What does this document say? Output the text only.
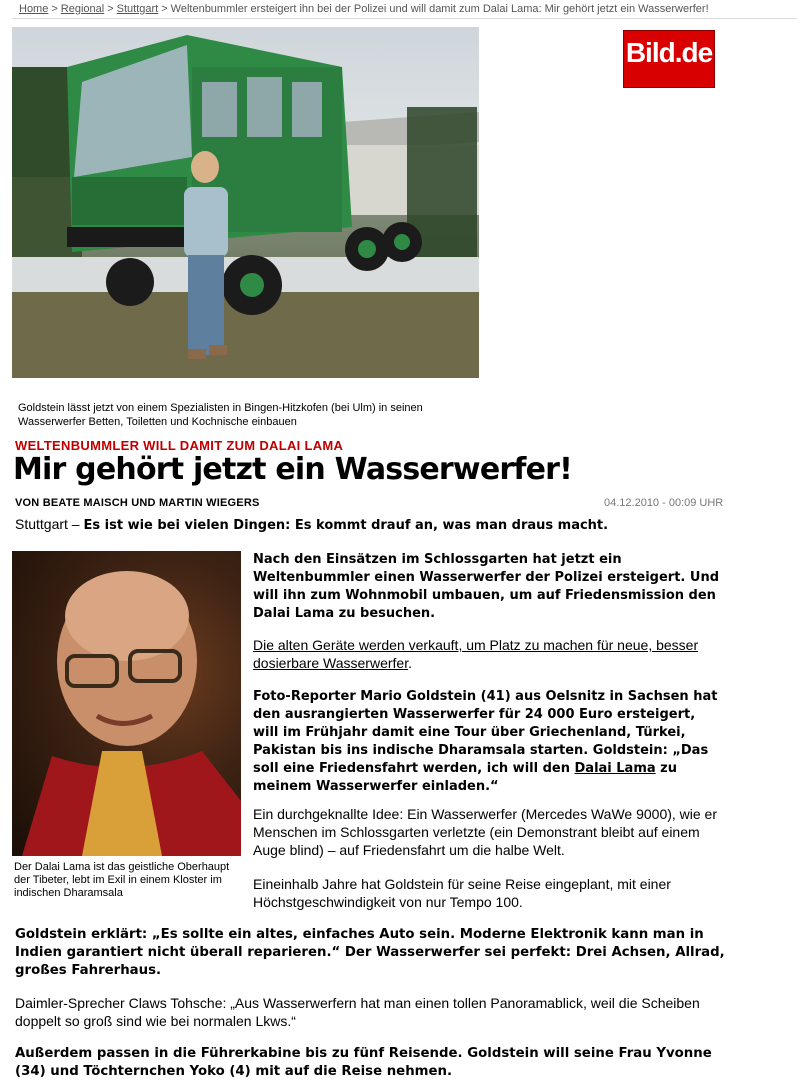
Home > Regional > Stuttgart > Weltenbummler ersteigert ihn bei der Polizei und will damit zum Dalai Lama: Mir gehört jetzt ein Wasserwerfer!
Bild.de
Goldstein lässt jetzt von einem Spezialisten in Bingen-Hitzkofen (bei Ulm) in seinen Wasserwerfer Betten, Toiletten und Kochnische einbauen
WELTENBUMMLER WILL DAMIT ZUM DALAI LAMA
Mir gehört jetzt ein Wasserwerfer!
VON BEATE MAISCH UND MARTIN WIEGERS	04.12.2010 - 00:09 UHR
Stuttgart – Es ist wie bei vielen Dingen: Es kommt drauf an, was man draus macht.
Der Dalai Lama ist das geistliche Oberhaupt der Tibeter, lebt im Exil in einem Kloster im indischen Dharamsala

Nach den Einsätzen im Schlossgarten hat jetzt ein Weltenbummler einen Wasserwerfer der Polizei ersteigert. Und will ihn zum Wohnmobil umbauen, um auf Friedensmission den Dalai Lama zu besuchen.

Die alten Geräte werden verkauft, um Platz zu machen für neue, besser dosierbare Wasserwerfer.

Foto-Reporter Mario Goldstein (41) aus Oelsnitz in Sachsen hat den ausrangierten Wasserwerfer für 24 000 Euro ersteigert, will im Frühjahr damit eine Tour über Griechenland, Türkei, Pakistan bis ins indische Dharamsala starten. Goldstein: „Das soll eine Friedensfahrt werden, ich will den Dalai Lama zu meinem Wasserwerfer einladen.“

Ein durchgeknallte Idee: Ein Wasserwerfer (Mercedes WaWe 9000), wie er Menschen im Schlossgarten verletzte (ein Demonstrant bleibt auf einem Auge blind) – auf Friedensfahrt um die halbe Welt.

Eineinhalb Jahre hat Goldstein für seine Reise eingeplant, mit einer Höchstgeschwindigkeit von nur Tempo 100.

Goldstein erklärt: „Es sollte ein altes, einfaches Auto sein. Moderne Elektronik kann man in Indien garantiert nicht überall reparieren.“ Der Wasserwerfer sei perfekt: Drei Achsen, Allrad, großes Fahrerhaus.

Daimler-Sprecher Claws Tohsche: „Aus Wasserwerfern hat man einen tollen Panoramablick, weil die Scheiben doppelt so groß sind wie bei normalen Lkws.“

Außerdem passen in die Führerkabine bis zu fünf Reisende. Goldstein will seine Frau Yvonne (34) und Töchternchen Yoko (4) mit auf die Reise nehmen.
